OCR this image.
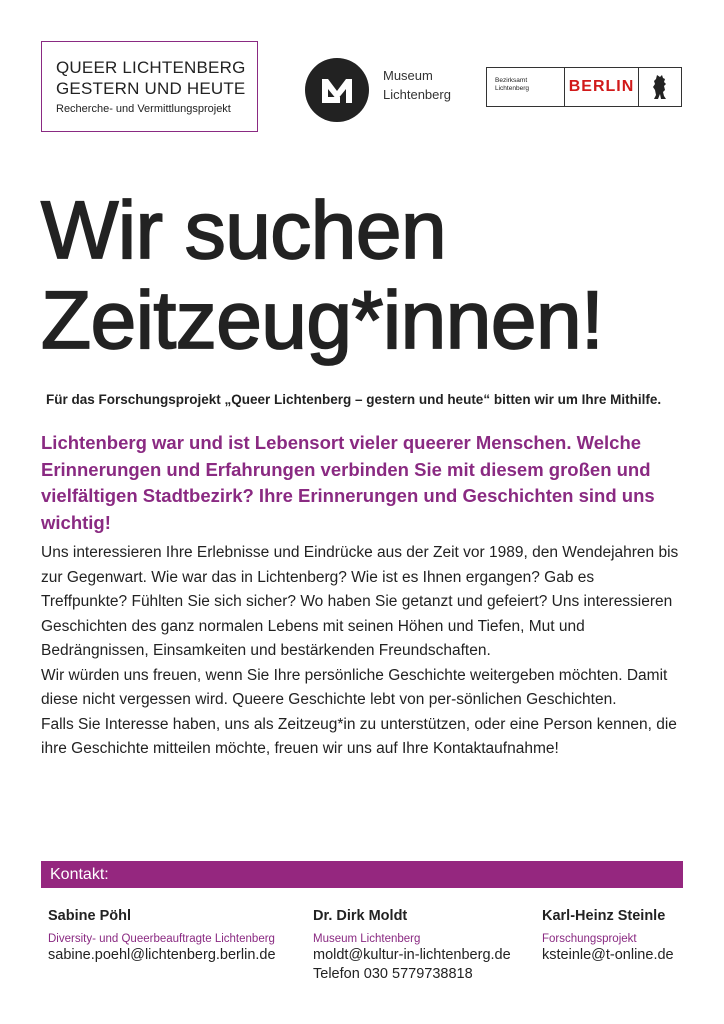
QUEER LICHTENBERG
GESTERN UND HEUTE
Recherche- und Vermittlungsprojekt
Museum
Lichtenberg
Bezirksamt
Lichtenberg	BERLIN
Wir suchen
Zeitzeug*innen!
Für das Forschungsprojekt „Queer Lichtenberg – gestern und heute“ bitten wir um Ihre Mithilfe.

Lichtenberg war und ist Lebensort vieler queerer Menschen. Welche Erinnerungen und Erfahrungen verbinden Sie mit diesem großen und vielfältigen Stadtbezirk? Ihre Erinnerungen und Geschichten sind uns wichtig!

Uns interessieren Ihre Erlebnisse und Eindrücke aus der Zeit vor 1989, den Wendejahren bis zur Gegenwart. Wie war das in Lichtenberg? Wie ist es Ihnen ergangen? Gab es Treffpunkte? Fühlten Sie sich sicher? Wo haben Sie getanzt und gefeiert? Uns interessieren Geschichten des ganz normalen Lebens mit seinen Höhen und Tiefen, Mut und Bedrängnissen, Einsamkeiten und bestärkenden Freundschaften.

Wir würden uns freuen, wenn Sie Ihre persönliche Geschichte weitergeben möchten. Damit diese nicht vergessen wird. Queere Geschichte lebt von per-sönlichen Geschichten.

Falls Sie Interesse haben, uns als Zeitzeug*in zu unterstützen, oder eine Person kennen, die ihre Geschichte mitteilen möchte, freuen wir uns auf Ihre Kontaktaufnahme!

Kontakt:
Sabine Pöhl
Diversity- und Queerbeauftragte Lichtenberg
sabine.poehl@lichtenberg.berlin.de
Dr. Dirk Moldt
Museum Lichtenberg
moldt@kultur-in-lichtenberg.de
Telefon 030 5779738818
Karl-Heinz Steinle
Forschungsprojekt
ksteinle@t-online.de
